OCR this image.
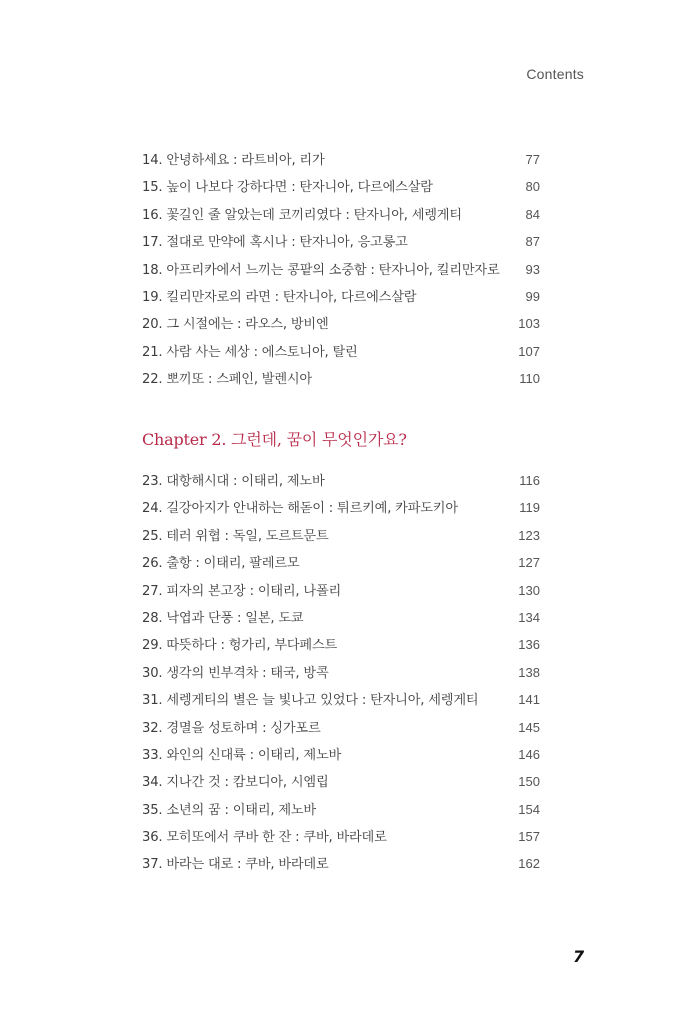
Contents
14. 안녕하세요 : 라트비아, 리가	77
15. 높이 나보다 강하다면 : 탄자니아, 다르에스살람	80
16. 꽃길인 줄 알았는데 코끼리였다 : 탄자니아, 세렝게티	84
17. 절대로 만약에 혹시나 : 탄자니아, 응고롱고	87
18. 아프리카에서 느끼는 콩팥의 소중함 : 탄자니아, 킬리만자로 93
19. 킬리만자로의 라면 : 탄자니아, 다르에스살람	99
20. 그 시절에는 : 라오스, 방비엔	103
21. 사람 사는 세상 : 에스토니아, 탈린	107
22. 뽀끼또 : 스페인, 발렌시아	110
Chapter 2. 그런데, 꿈이 무엇인가요?
23. 대항해시대 : 이태리, 제노바	116
24. 길강아지가 안내하는 해돋이 : 튀르키예, 카파도키아	119
25. 테러 위협 : 독일, 도르트문트	123
26. 출항 : 이태리, 팔레르모	127
27. 피자의 본고장 : 이태리, 나폴리	130
28. 낙엽과 단풍 : 일본, 도쿄	134
29. 따뜻하다 : 헝가리, 부다페스트	136
30. 생각의 빈부격차 : 태국, 방콕	138
31. 세렝게티의 별은 늘 빛나고 있었다 : 탄자니아, 세렝게티	141
32. 경멸을 성토하며 : 싱가포르	145
33. 와인의 신대륙 : 이태리, 제노바	146
34. 지나간 것 : 캄보디아, 시엠립	150
35. 소년의 꿈 : 이태리, 제노바	154
36. 모히또에서 쿠바 한 잔 : 쿠바, 바라데로	157
37. 바라는 대로 : 쿠바, 바라데로	162
7
